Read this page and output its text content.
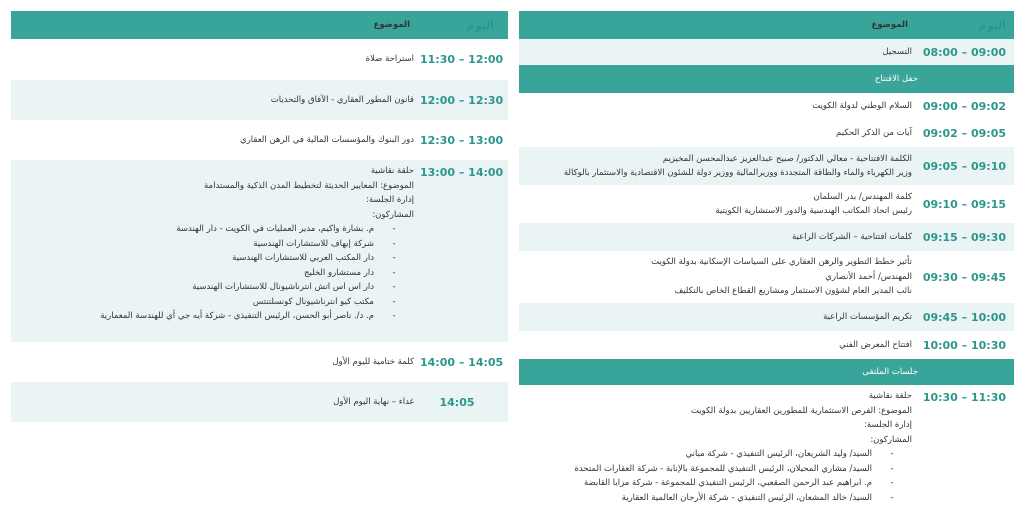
اليوم
الموضوع
08:00 – 09:00
التسجيل
حفل الافتتاح
09:00 – 09:02
السلام الوطني لدولة الكويت
09:02 – 09:05
آيات من الذكر الحكيم
09:05 – 09:10
الكلمة الافتتاحية - معالي الدكتور/ صبيح عبدالعزيز عبدالمحسن المخيزيم
وزير الكهرباء والماء والطاقة المتجددة ووزيرالمالية ووزير دولة للشئون الاقتصادية والاستثمار بالوكالة
09:10 – 09:15
كلمة المهندس/ بدر السلمان
رئيس اتحاد المكاتب الهندسية والدور الاستشارية الكويتية
09:15 – 09:30
كلمات افتتاحية – الشركات الراعية
09:30 – 09:45
تأثير خطط التطوير والرهن العقاري على السياسات الإسكانية بدولة الكويت
المهندس/ أحمد الأنصاري
نائب المدير العام لشؤون الاستثمار ومشاريع القطاع الخاص بالتكليف
09:45 – 10:00
تكريم المؤسسات الراعية
10:00 – 10:30
افتتاح المعرض الفني
جلسات الملتقى
10:30 – 11:30
حلقة نقاشية
الموضوع: الفرص الاستثمارية للمطورين العقاريين بدولة الكويت
إدارة الجلسة:
المشاركون:
-
السيد/ وليد الشريعان، الرئيس التنفيذي - شركة مباني
-
السيد/ مشاري المحيلان، الرئيس التنفيذي للمجموعة بالإنابة - شركة العقارات المتحدة
-
م. ابراهيم عبد الرحمن الصقعبي، الرئيس التنفيذي للمجموعة - شركة مزايا القابضة
-
السيد/ خالد المشعان، الرئيس التنفيذي - شركة الأرجان العالمية العقارية
اليوم
الموضوع
11:30 – 12:00
استراحة صلاة
12:00 – 12:30
قانون المطور العقاري - الآفاق والتحديات
12:30 – 13:00
دور البنوك والمؤسسات المالية في الرهن العقاري
13:00 – 14:00
حلقة نقاشية
الموضوع: المعايير الحديثة لتخطيط المدن الذكية والمستدامة
إدارة الجلسة:
المشاركون:
-
م. بشارة واكيم، مدير العمليات في الكويت - دار الهندسة
-
شركة إيهاف للاستشارات الهندسية
-
دار المكتب العربي للاستشارات الهندسية
-
دار مستشارو الخليج
-
دار اس اس اتش انترناشيونال للاستشارات الهندسية
-
مكتب كيو انترناشيونال كونسلتنتس
-
م. د/. ناصر أبو الحسن، الرئيس التنفيذي - شركة أيه جي أي للهندسة المعمارية
14:00 – 14:05
كلمة ختامية لليوم الأول
14:05
غداء – نهاية اليوم الأول
